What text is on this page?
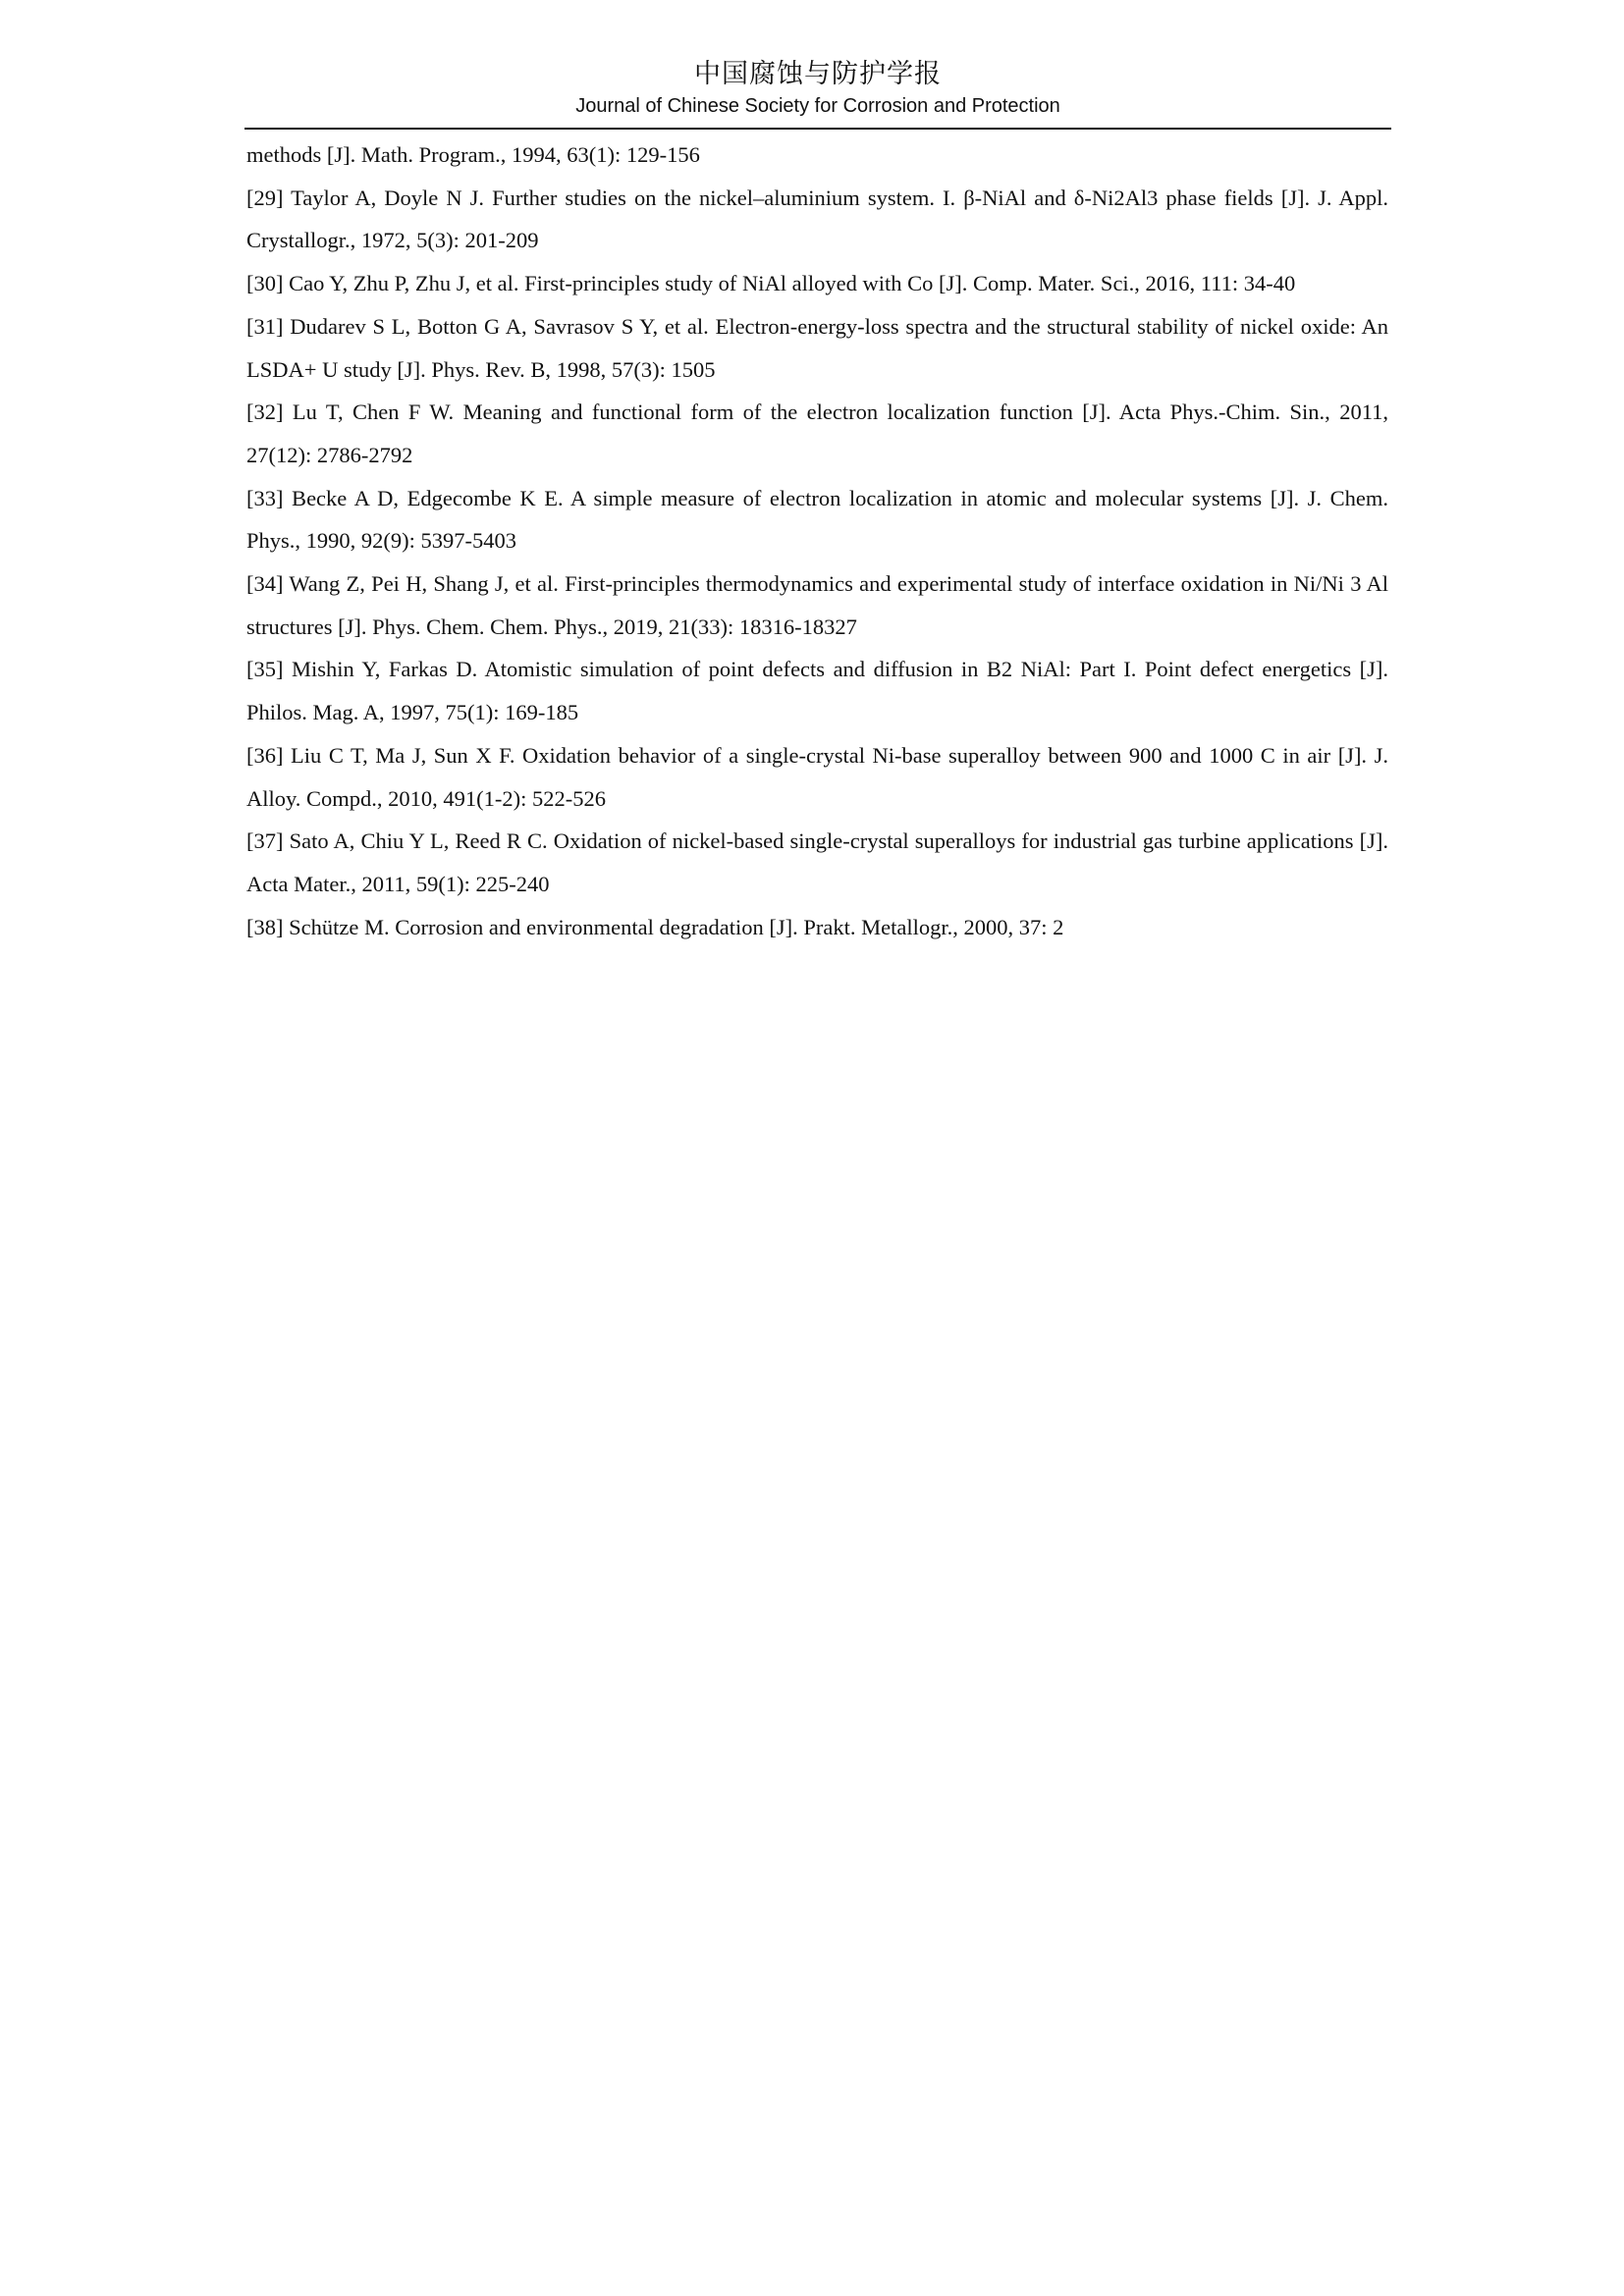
中国腐蚀与防护学报
Journal of Chinese Society for Corrosion and Protection

methods [J]. Math. Program., 1994, 63(1): 129-156

[29] Taylor A, Doyle N J. Further studies on the nickel–aluminium system. I. β-NiAl and δ-Ni2Al3 phase fields [J]. J. Appl. Crystallogr., 1972, 5(3): 201-209

[30] Cao Y, Zhu P, Zhu J, et al. First-principles study of NiAl alloyed with Co [J]. Comp. Mater. Sci., 2016, 111: 34-40

[31] Dudarev S L, Botton G A, Savrasov S Y, et al. Electron-energy-loss spectra and the structural stability of nickel oxide: An LSDA+ U study [J]. Phys. Rev. B, 1998, 57(3): 1505

[32] Lu T, Chen F W. Meaning and functional form of the electron localization function [J]. Acta Phys.-Chim. Sin., 2011, 27(12): 2786-2792

[33] Becke A D, Edgecombe K E. A simple measure of electron localization in atomic and molecular systems [J]. J. Chem. Phys., 1990, 92(9): 5397-5403

[34] Wang Z, Pei H, Shang J, et al. First-principles thermodynamics and experimental study of interface oxidation in Ni/Ni 3 Al structures [J]. Phys. Chem. Chem. Phys., 2019, 21(33): 18316-18327

[35] Mishin Y, Farkas D. Atomistic simulation of point defects and diffusion in B2 NiAl: Part I. Point defect energetics [J]. Philos. Mag. A, 1997, 75(1): 169-185

[36] Liu C T, Ma J, Sun X F. Oxidation behavior of a single-crystal Ni-base superalloy between 900 and 1000 C in air [J]. J. Alloy. Compd., 2010, 491(1-2): 522-526

[37] Sato A, Chiu Y L, Reed R C. Oxidation of nickel-based single-crystal superalloys for industrial gas turbine applications [J]. Acta Mater., 2011, 59(1): 225-240

[38] Schütze M. Corrosion and environmental degradation [J]. Prakt. Metallogr., 2000, 37: 2
